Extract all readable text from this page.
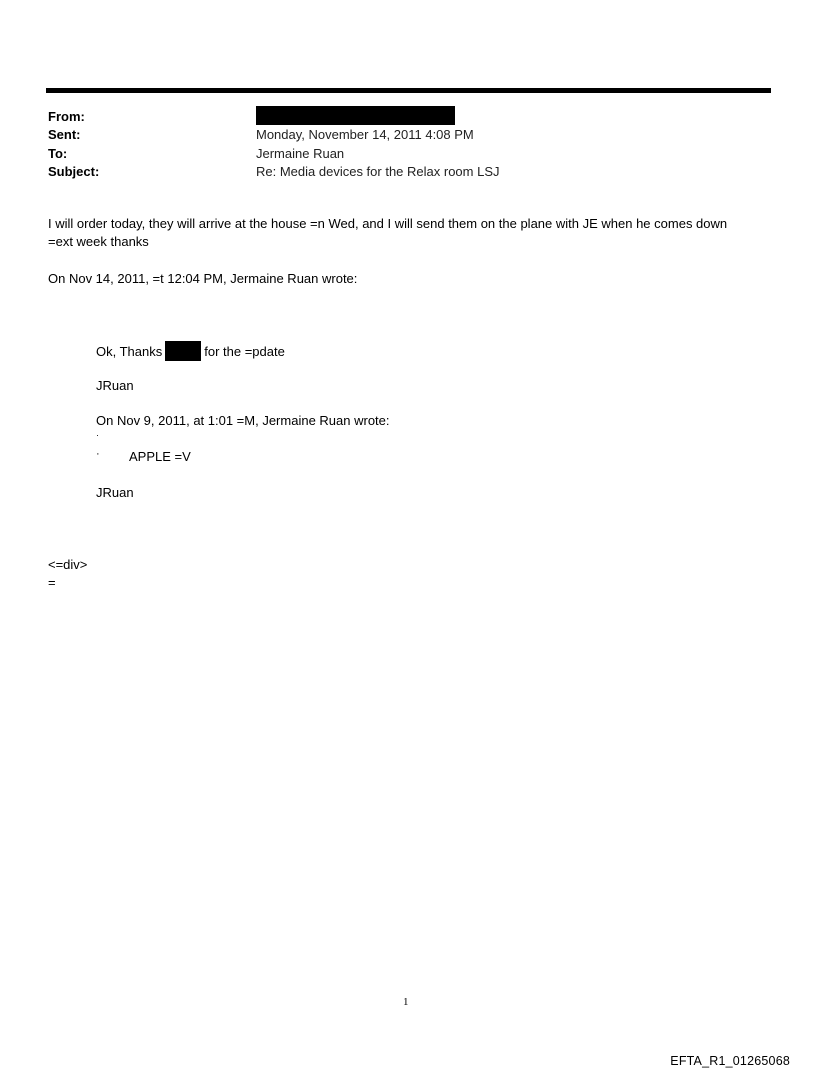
From:
Sent:	Monday, November 14, 2011 4:08 PM
To:	Jermaine Ruan
Subject:	Re: Media devices for the Relax room LSJ
I will order today, they will arrive at the house =n Wed, and I will send them on the plane with JE when he comes down
=ext week thanks
On Nov 14, 2011, =t 12:04 PM, Jermaine Ruan wrote:
Ok, Thanks	for the =pdate
JRuan
On Nov 9, 2011, at 1:01 =M, Jermaine Ruan wrote:
·
· APPLE =V
JRuan
<=div>
=
1
EFTA_R1_01265068
